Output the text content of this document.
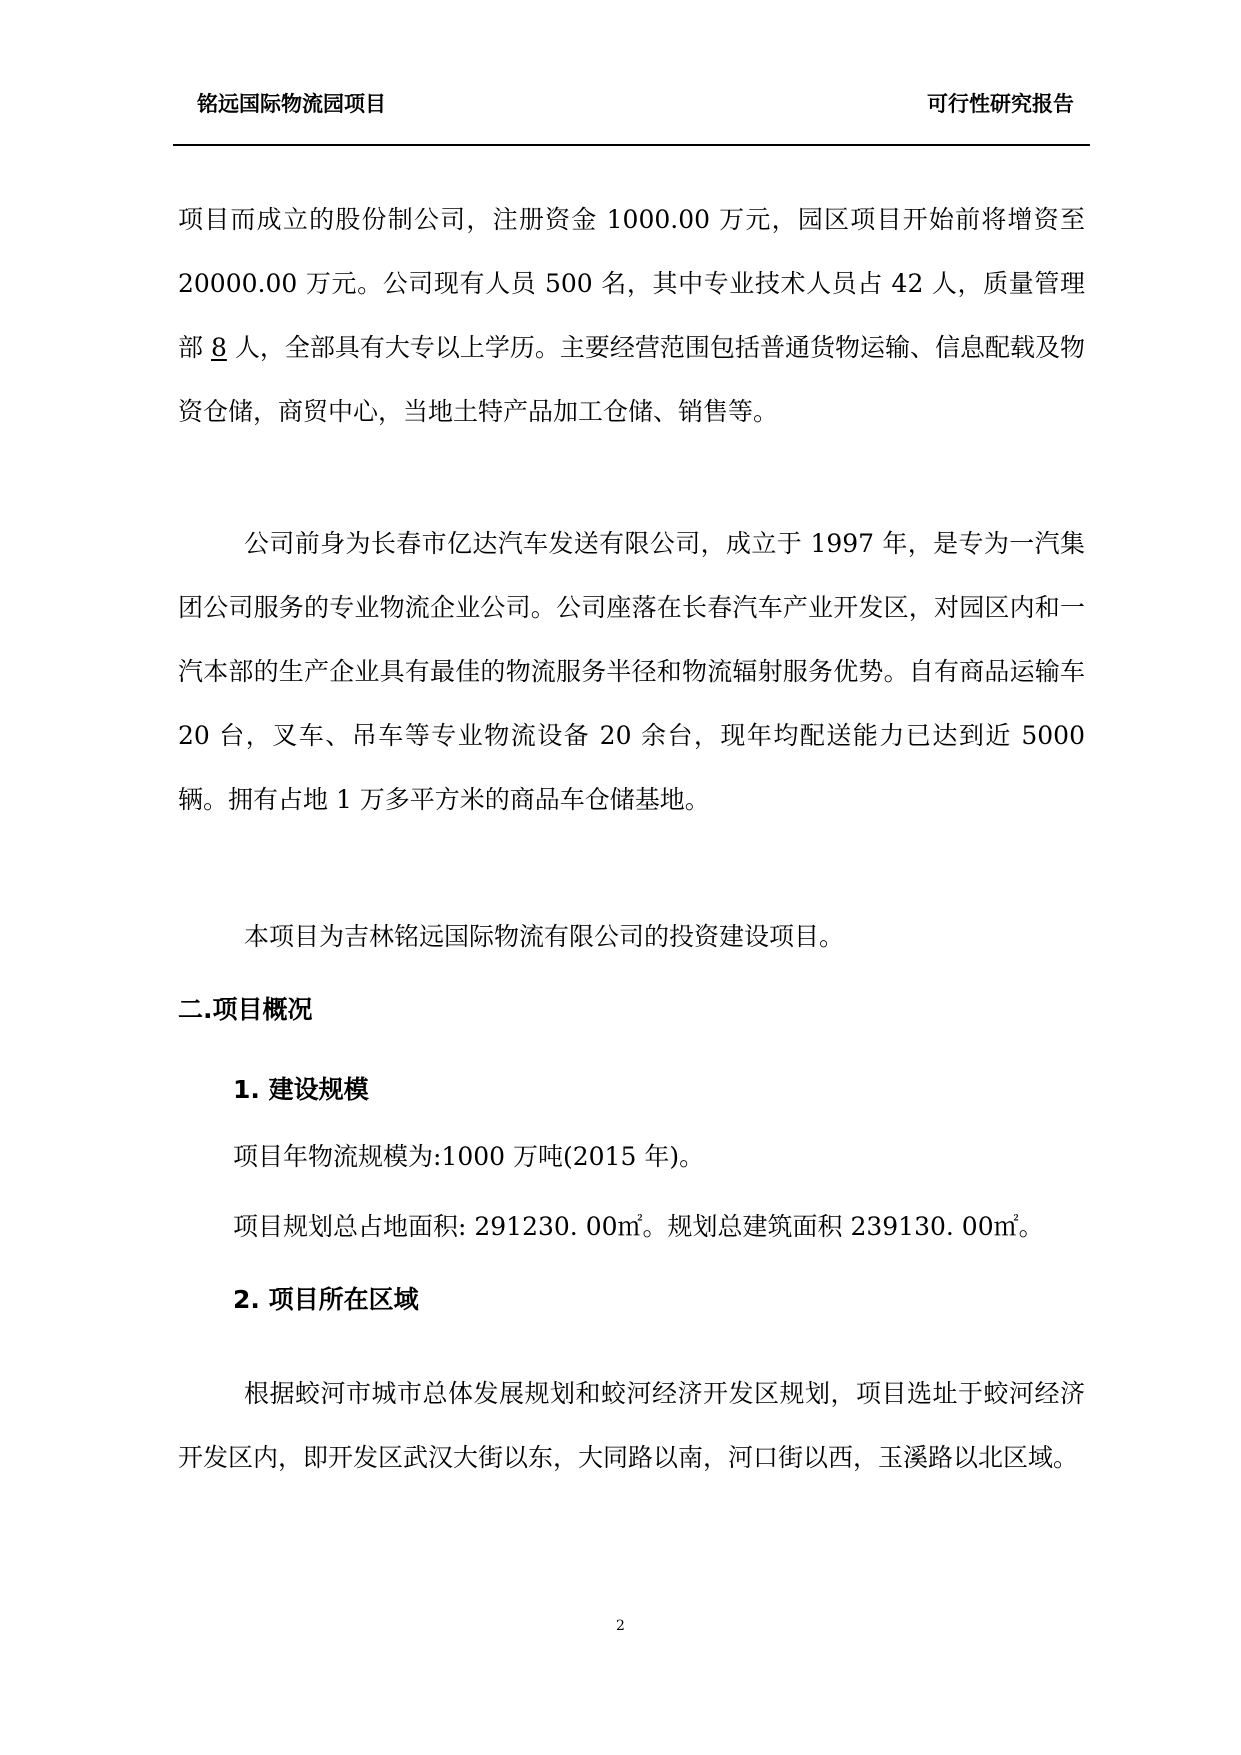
铭远国际物流园项目	可行性研究报告

项目而成立的股份制公司，注册资金 1000.00 万元，园区项目开始前将增资至 20000.00 万元。公司现有人员 500 名，其中专业技术人员占 42 人，质量管理部 8 人，全部具有大专以上学历。主要经营范围包括普通货物运输、信息配载及物资仓储，商贸中心，当地土特产品加工仓储、销售等。

公司前身为长春市亿达汽车发送有限公司，成立于 1997 年，是专为一汽集团公司服务的专业物流企业公司。公司座落在长春汽车产业开发区，对园区内和一汽本部的生产企业具有最佳的物流服务半径和物流辐射服务优势。自有商品运输车 20 台，叉车、吊车等专业物流设备 20 余台，现年均配送能力已达到近 5000 辆。拥有占地 1 万多平方米的商品车仓储基地。

本项目为吉林铭远国际物流有限公司的投资建设项目。

二.项目概况
1. 建设规模
项目年物流规模为:1000 万吨(2015 年)。
项目规划总占地面积: 291230. 00㎡。规划总建筑面积 239130. 00㎡。
2. 项目所在区域

根据蛟河市城市总体发展规划和蛟河经济开发区规划，项目选址于蛟河经济开发区内，即开发区武汉大街以东，大同路以南，河口街以西，玉溪路以北区域。

2
